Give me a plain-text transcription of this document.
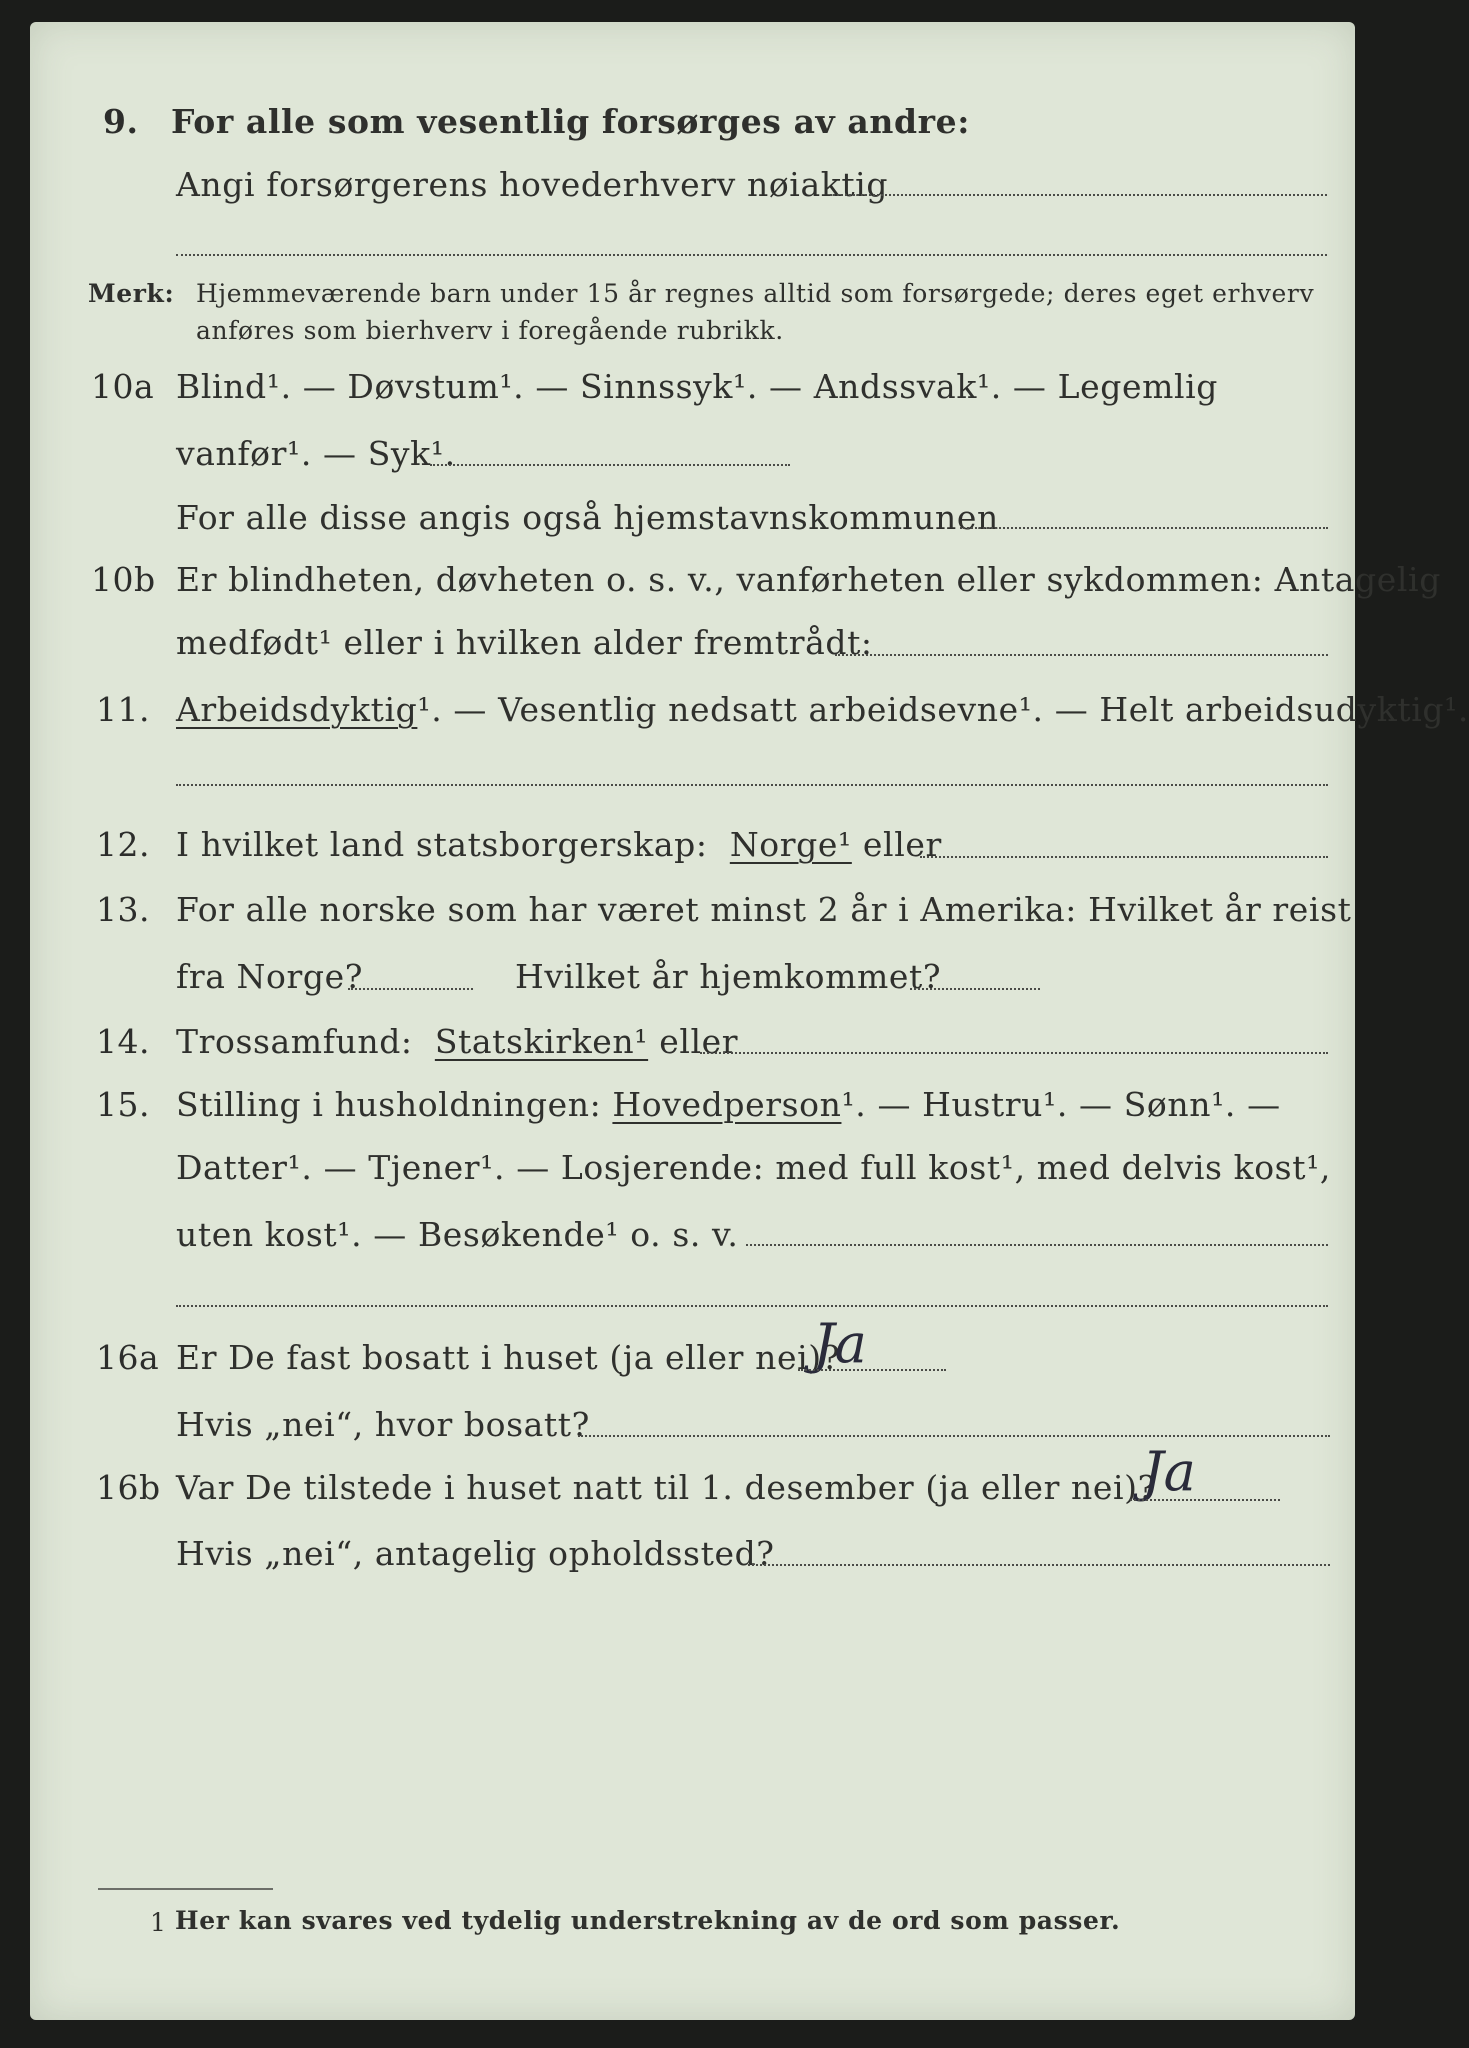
9. For alle som vesentlig forsørges av andre:
Angi forsørgerens hovederhverv nøiaktig
Merk: Hjemmeværende barn under 15 år regnes alltid som forsørgede; deres eget erhverv
anføres som bierhverv i foregående rubrikk.
10a Blind¹. — Døvstum¹. — Sinnssyk¹. — Andssvak¹. — Legemlig
vanfør¹. — Syk¹.
For alle disse angis også hjemstavnskommunen
10b Er blindheten, døvheten o. s. v., vanførheten eller sykdommen: Antagelig
medfødt¹ eller i hvilken alder fremtrådt:
11. Arbeidsdyktig¹. — Vesentlig nedsatt arbeidsevne¹. — Helt arbeidsudyktig¹.
12. I hvilket land statsborgerskap: Norge¹ eller
13. For alle norske som har været minst 2 år i Amerika: Hvilket år reist
fra Norge?	Hvilket år hjemkommet?
14. Trossamfund: Statskirken¹ eller
15. Stilling i husholdningen: Hovedperson¹. — Hustru¹. — Sønn¹. —
Datter¹. — Tjener¹. — Losjerende: med full kost¹, med delvis kost¹,
uten kost¹. — Besøkende¹ o. s. v.
16a Er De fast bosatt i huset (ja eller nei)?
Ja
Hvis „nei“, hvor bosatt?
16b Var De tilstede i huset natt til 1. desember (ja eller nei)?
Ja
Hvis „nei“, antagelig opholdssted?
1 Her kan svares ved tydelig understrekning av de ord som passer.
